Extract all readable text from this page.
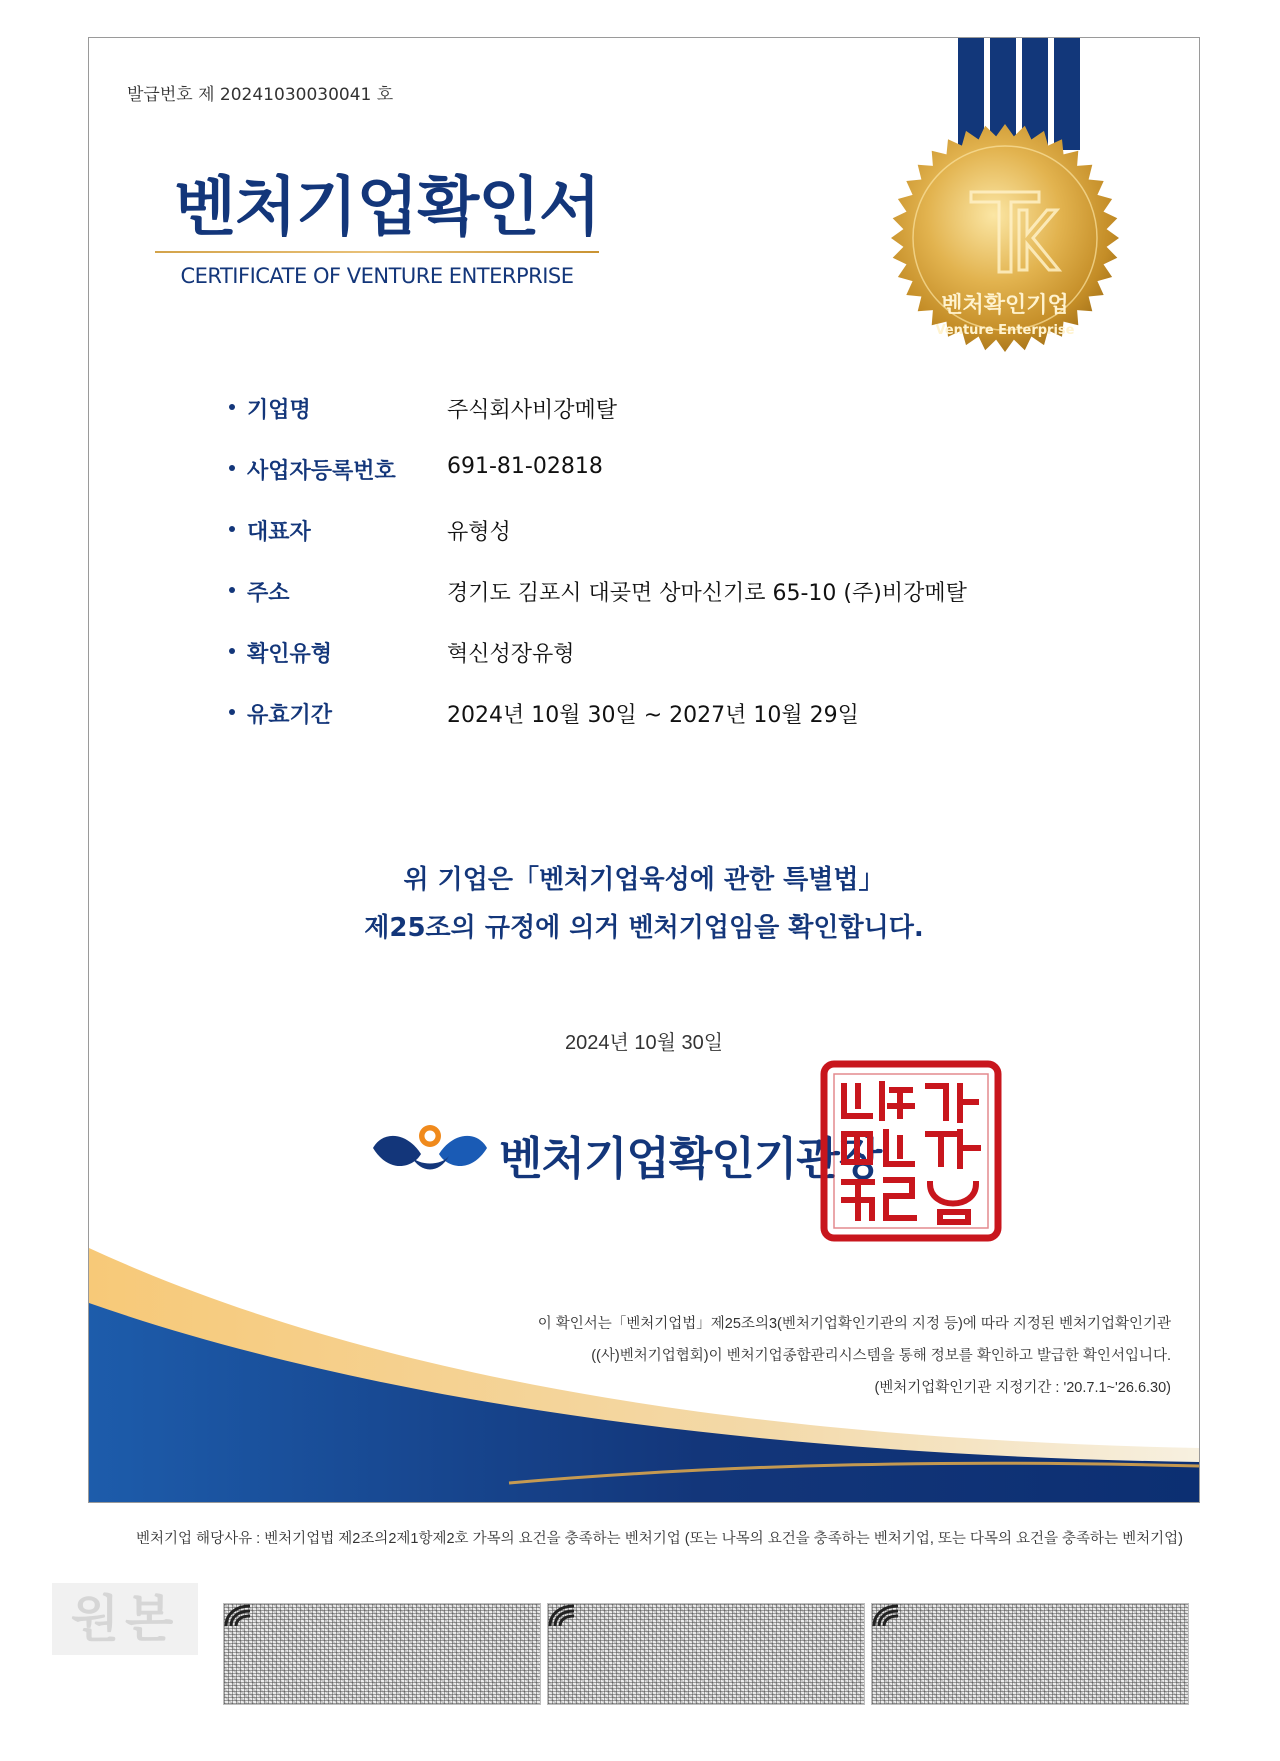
발급번호 제 20241030030041 호
벤처확인기업
Venture Enterprise
벤처기업확인서
CERTIFICATE OF VENTURE ENTERPRISE
기업명	주식회사비강메탈
사업자등록번호 691-81-02818
대표자	유형성
주소	경기도 김포시 대곶면 상마신기로 65-10 (주)비강메탈
확인유형	혁신성장유형
유효기간	2024년 10월 30일 ~ 2027년 10월 29일
위 기업은「벤처기업육성에 관한 특별법」
제25조의 규정에 의거 벤처기업임을 확인합니다.
2024년 10월 30일
벤처기업확인기관장
이 확인서는「벤처기업법」제25조의3(벤처기업확인기관의 지정 등)에 따라 지정된 벤처기업확인기관
((사)벤처기업협회)이 벤처기업종합관리시스템을 통해 정보를 확인하고 발급한 확인서입니다.
(벤처기업확인기관 지정기간 : '20.7.1~'26.6.30)
벤처기업 해당사유 : 벤처기업법 제2조의2제1항제2호 가목의 요건을 충족하는 벤처기업 (또는 나목의 요건을 충족하는 벤처기업, 또는 다목의 요건을 충족하는 벤처기업)
원본
